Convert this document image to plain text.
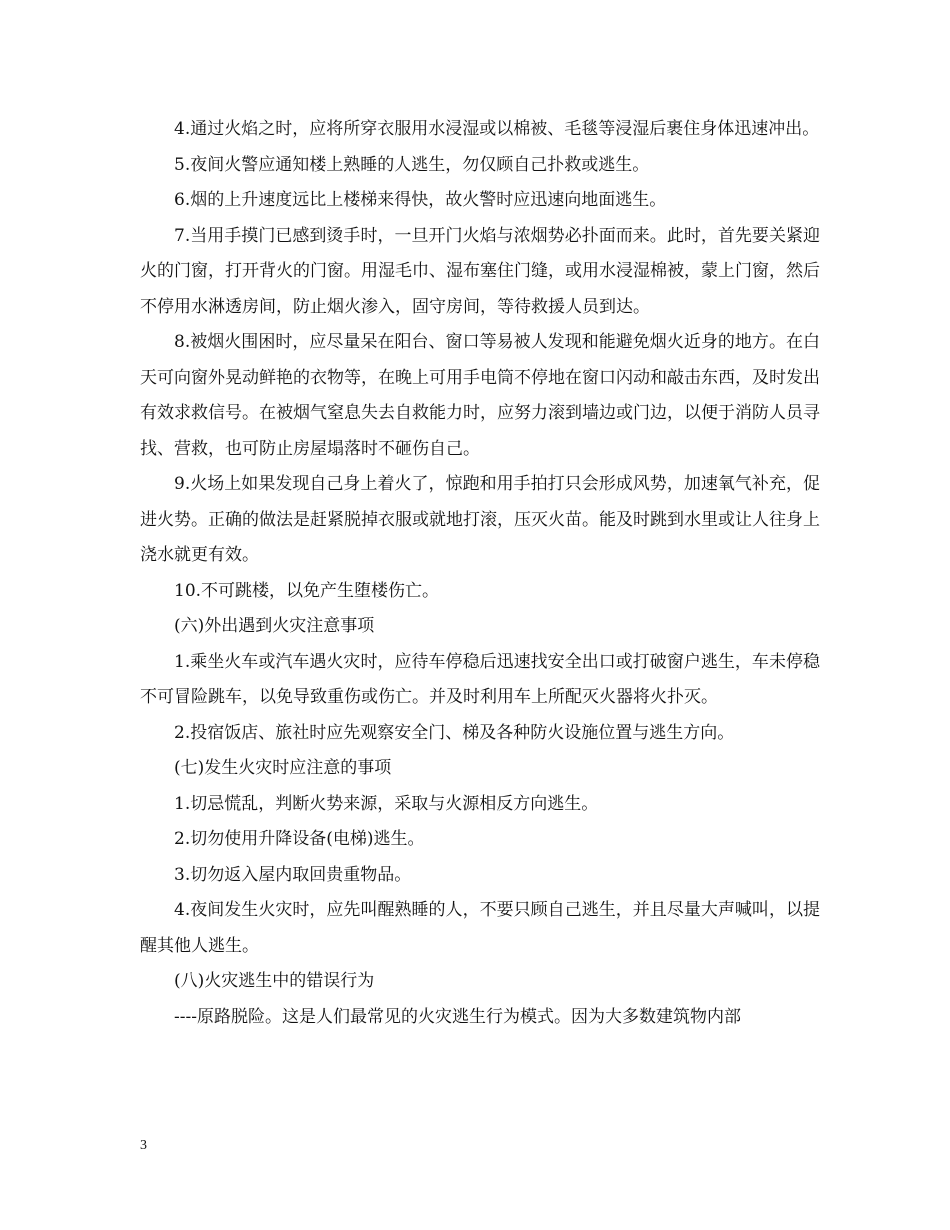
4.通过火焰之时，应将所穿衣服用水浸湿或以棉被、毛毯等浸湿后裹住身体迅速冲出。

5.夜间火警应通知楼上熟睡的人逃生，勿仅顾自己扑救或逃生。

6.烟的上升速度远比上楼梯来得快，故火警时应迅速向地面逃生。

7.当用手摸门已感到烫手时，一旦开门火焰与浓烟势必扑面而来。此时，首先要关紧迎火的门窗，打开背火的门窗。用湿毛巾、湿布塞住门缝，或用水浸湿棉被，蒙上门窗，然后不停用水淋透房间，防止烟火渗入，固守房间，等待救援人员到达。

8.被烟火围困时，应尽量呆在阳台、窗口等易被人发现和能避免烟火近身的地方。在白天可向窗外晃动鲜艳的衣物等，在晚上可用手电筒不停地在窗口闪动和敲击东西，及时发出有效求救信号。在被烟气窒息失去自救能力时，应努力滚到墙边或门边，以便于消防人员寻找、营救，也可防止房屋塌落时不砸伤自己。

9.火场上如果发现自己身上着火了，惊跑和用手拍打只会形成风势，加速氧气补充，促进火势。正确的做法是赶紧脱掉衣服或就地打滚，压灭火苗。能及时跳到水里或让人往身上浇水就更有效。

10.不可跳楼，以免产生堕楼伤亡。

(六)外出遇到火灾注意事项

1.乘坐火车或汽车遇火灾时，应待车停稳后迅速找安全出口或打破窗户逃生，车未停稳不可冒险跳车，以免导致重伤或伤亡。并及时利用车上所配灭火器将火扑灭。

2.投宿饭店、旅社时应先观察安全门、梯及各种防火设施位置与逃生方向。

(七)发生火灾时应注意的事项

1.切忌慌乱，判断火势来源，采取与火源相反方向逃生。

2.切勿使用升降设备(电梯)逃生。

3.切勿返入屋内取回贵重物品。

4.夜间发生火灾时，应先叫醒熟睡的人，不要只顾自己逃生，并且尽量大声喊叫，以提醒其他人逃生。

(八)火灾逃生中的错误行为

----原路脱险。这是人们最常见的火灾逃生行为模式。因为大多数建筑物内部

3
